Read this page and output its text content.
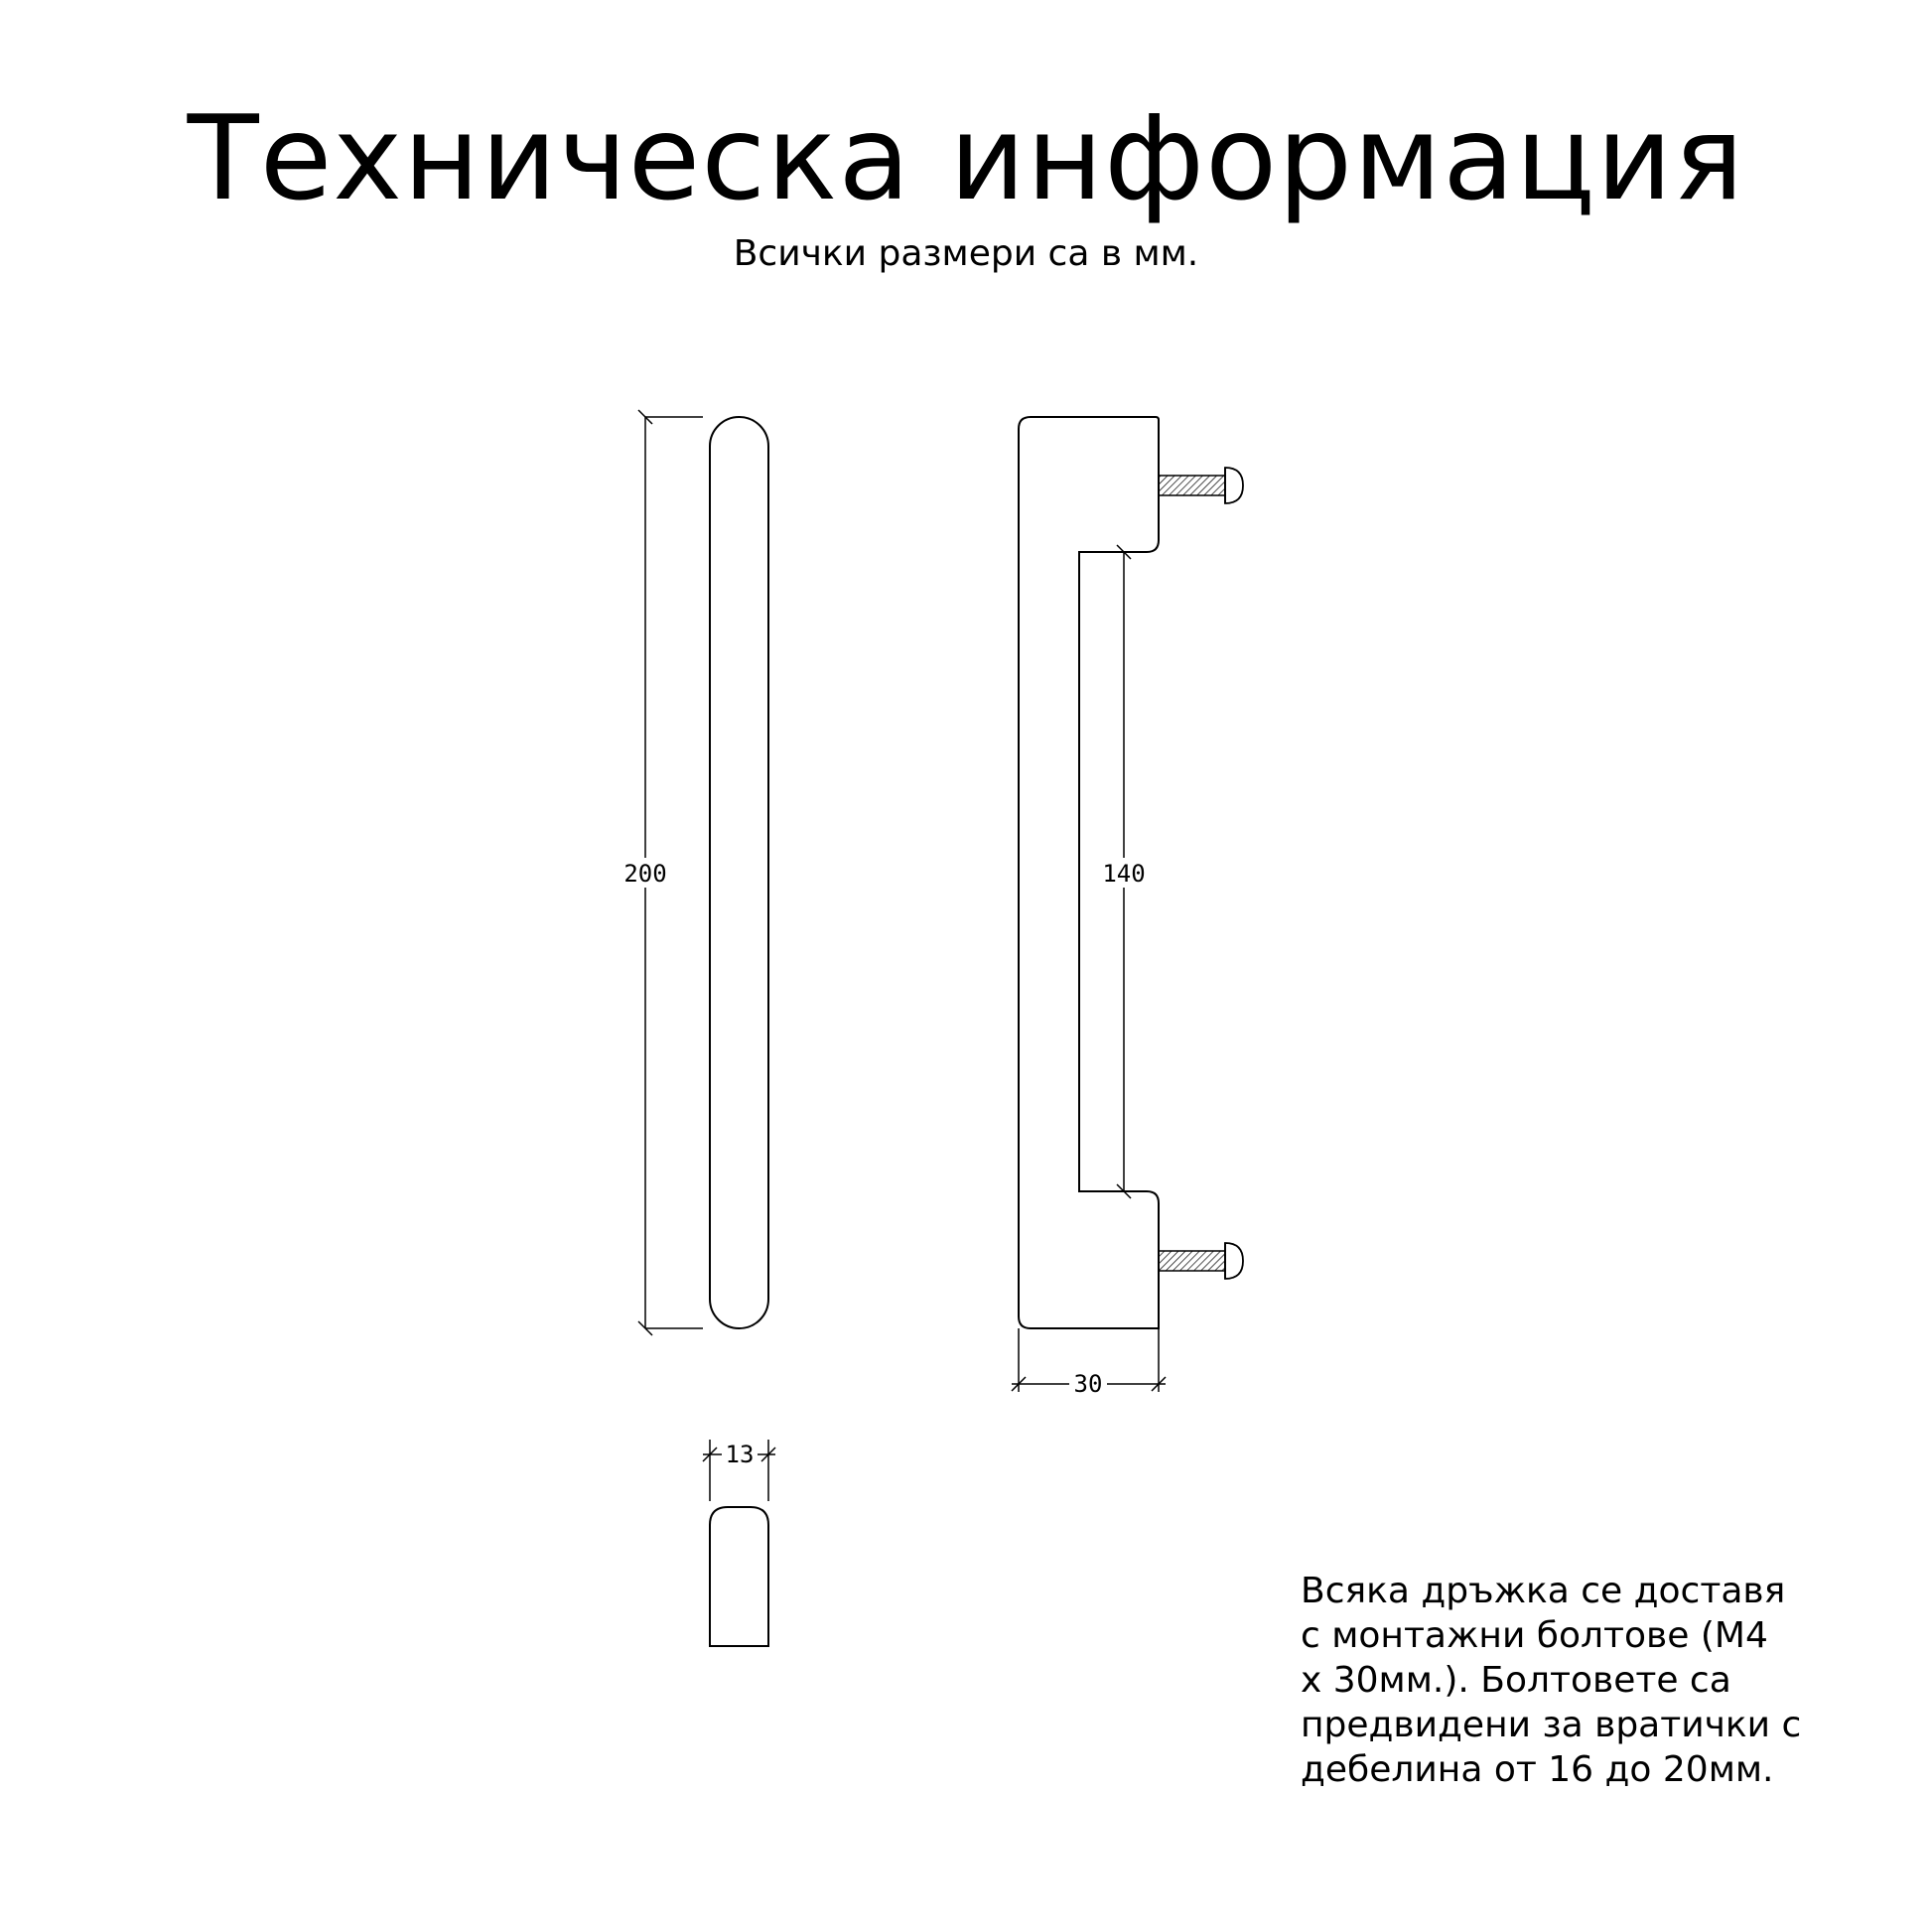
Техническа информация
Всички размери са в мм.
200	140
30
13
Всяка дръжка се доставя
с монтажни болтове (М4
х 30мм.). Болтовете са
предвидени за вратички с
дебелина от 16 до 20мм.
